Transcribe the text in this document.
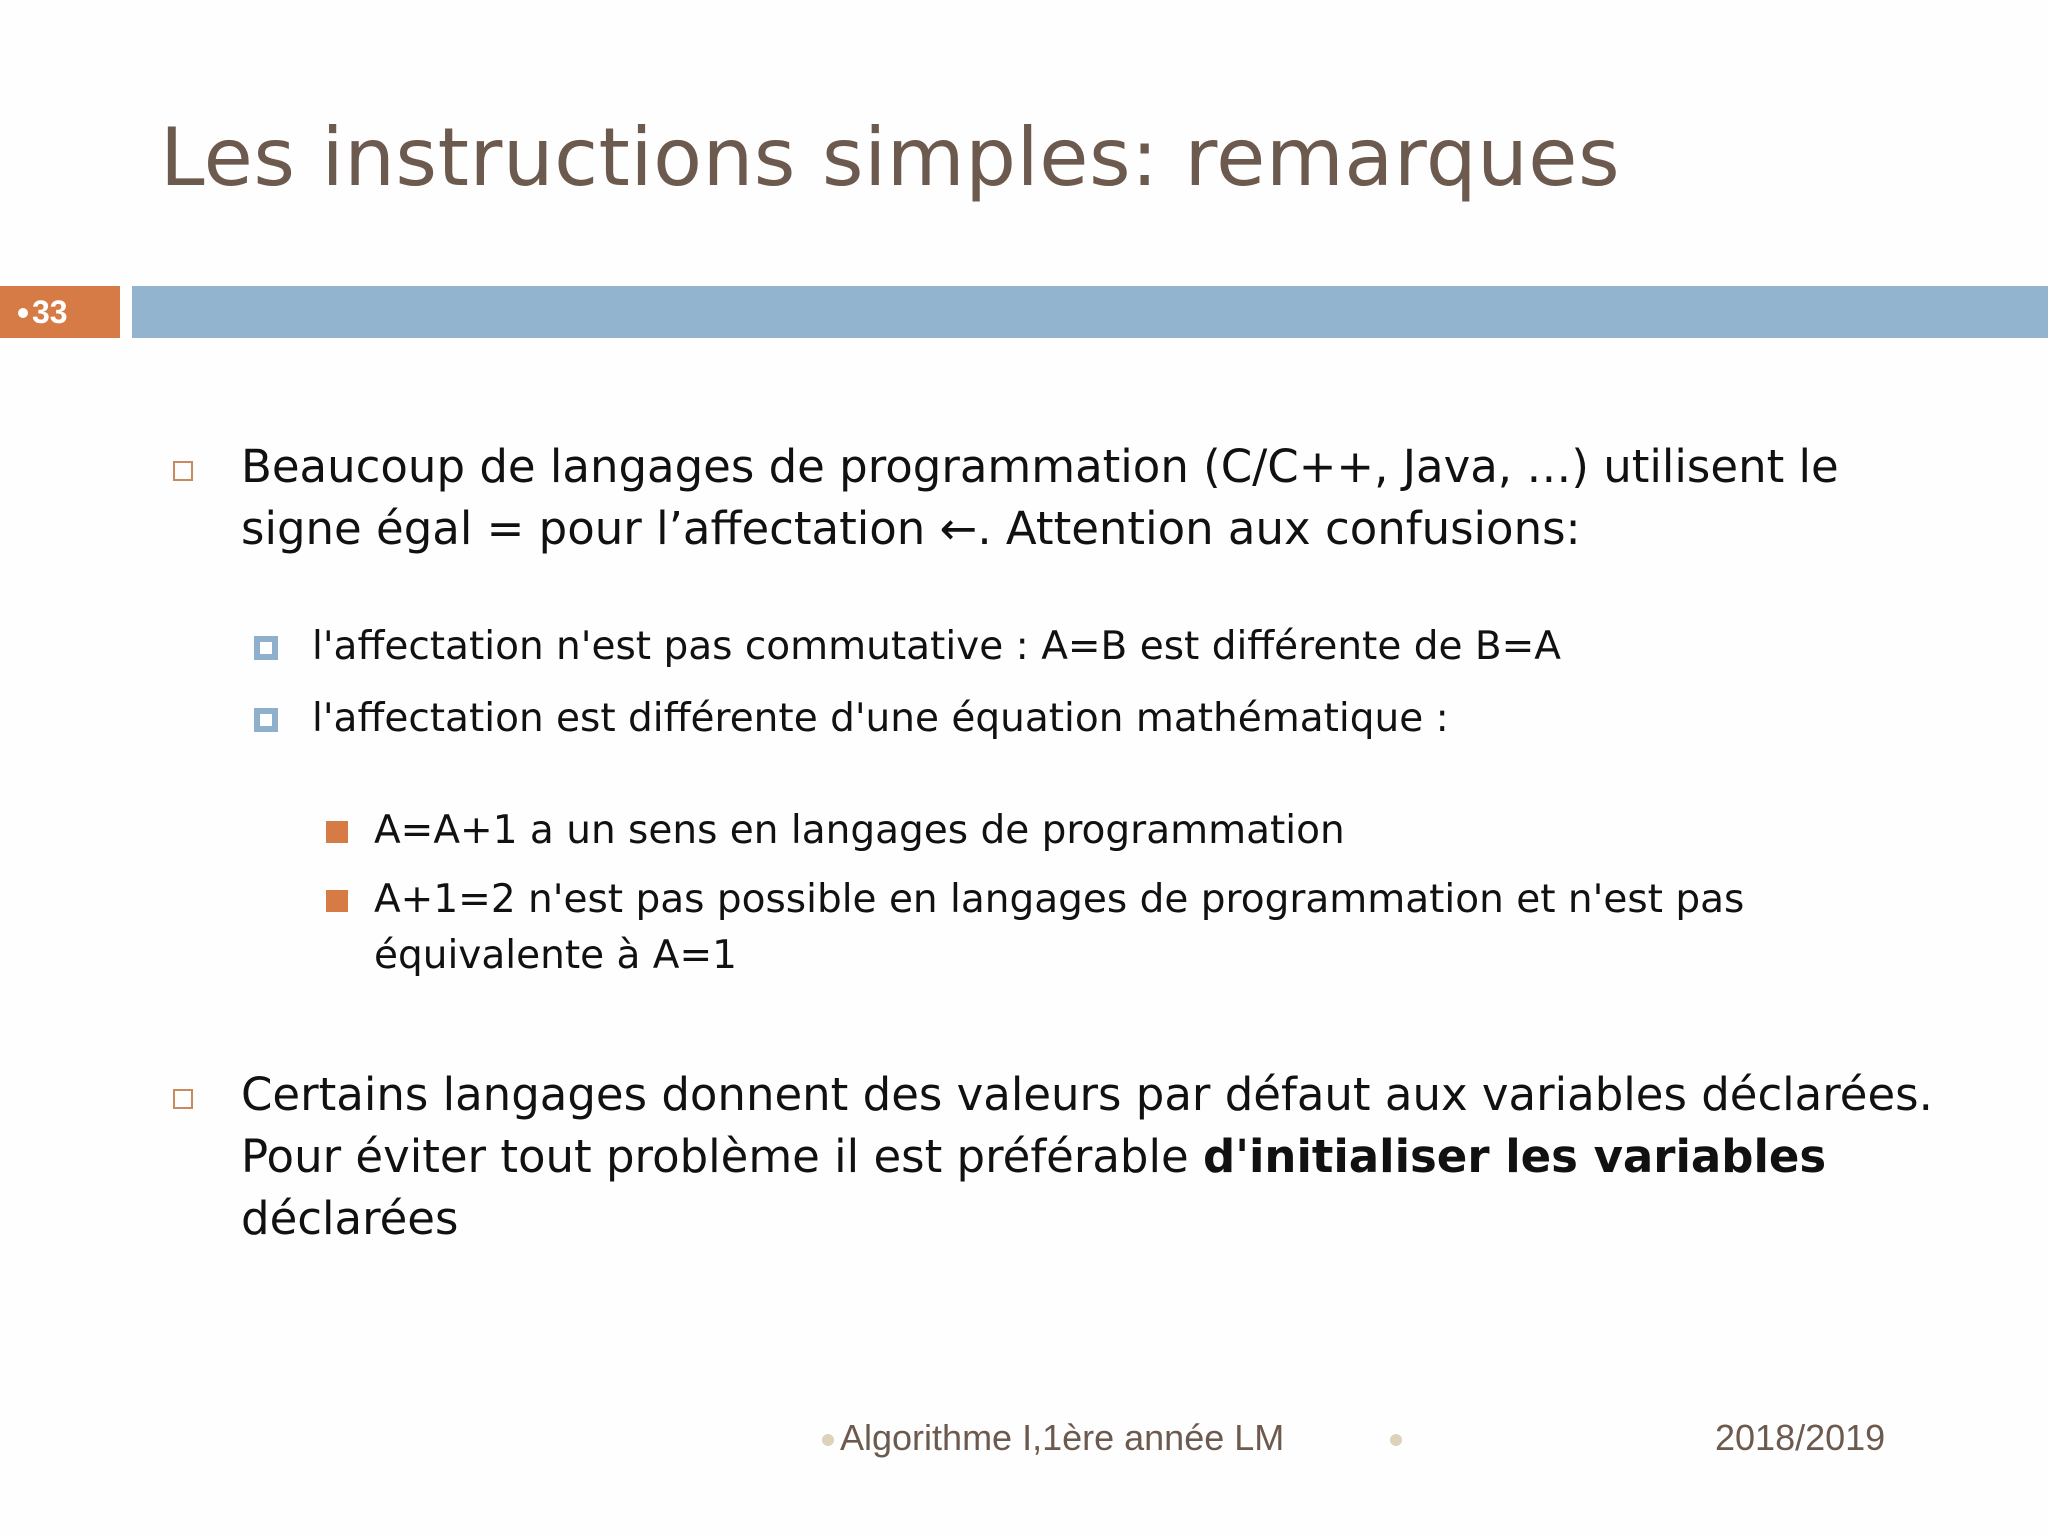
Les instructions simples: remarques
33
Beaucoup de langages de programmation (C/C++, Java, …) utilisent le
signe égal = pour l’affectation ←. Attention aux confusions:
l'affectation n'est pas commutative : A=B est différente de B=A
l'affectation est différente d'une équation mathématique :
A=A+1 a un sens en langages de programmation
A+1=2 n'est pas possible en langages de programmation et n'est pas
équivalente à A=1
Certains langages donnent des valeurs par défaut aux variables déclarées.
Pour éviter tout problème il est préférable d'initialiser les variables
déclarées
Algorithme I,1ère année LM	2018/2019
